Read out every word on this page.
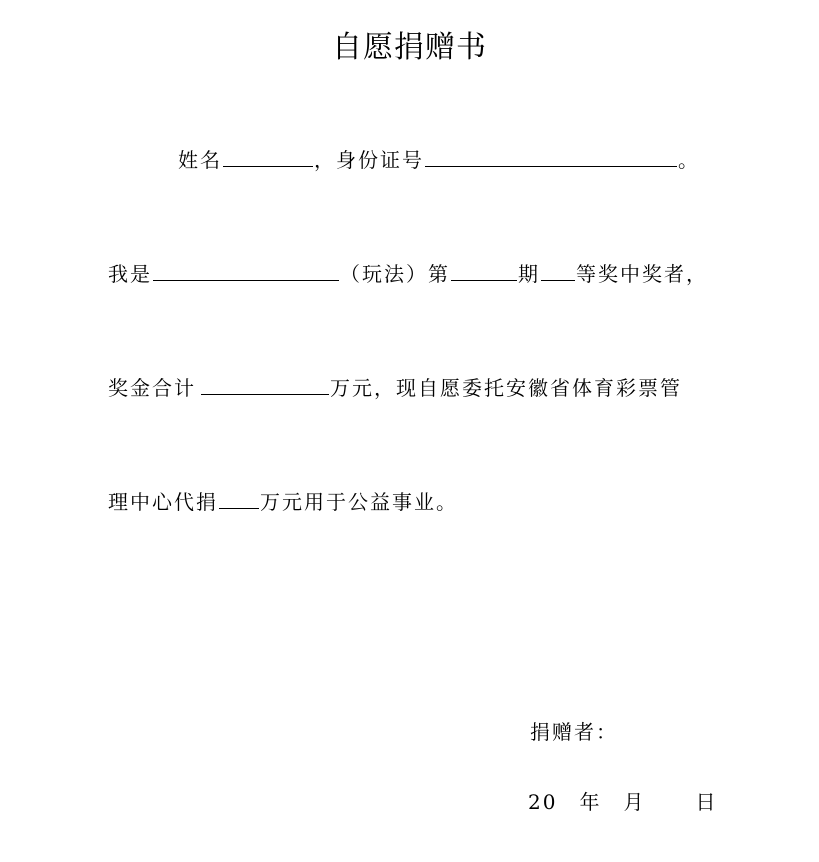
自愿捐赠书
姓名	，身份证号	。
我是	（玩法）第	期 等奖中奖者，
奖金合计	万元，现自愿委托安徽省体育彩票管
理中心代捐 万元用于公益事业。
捐赠者：
20 年 月	日
